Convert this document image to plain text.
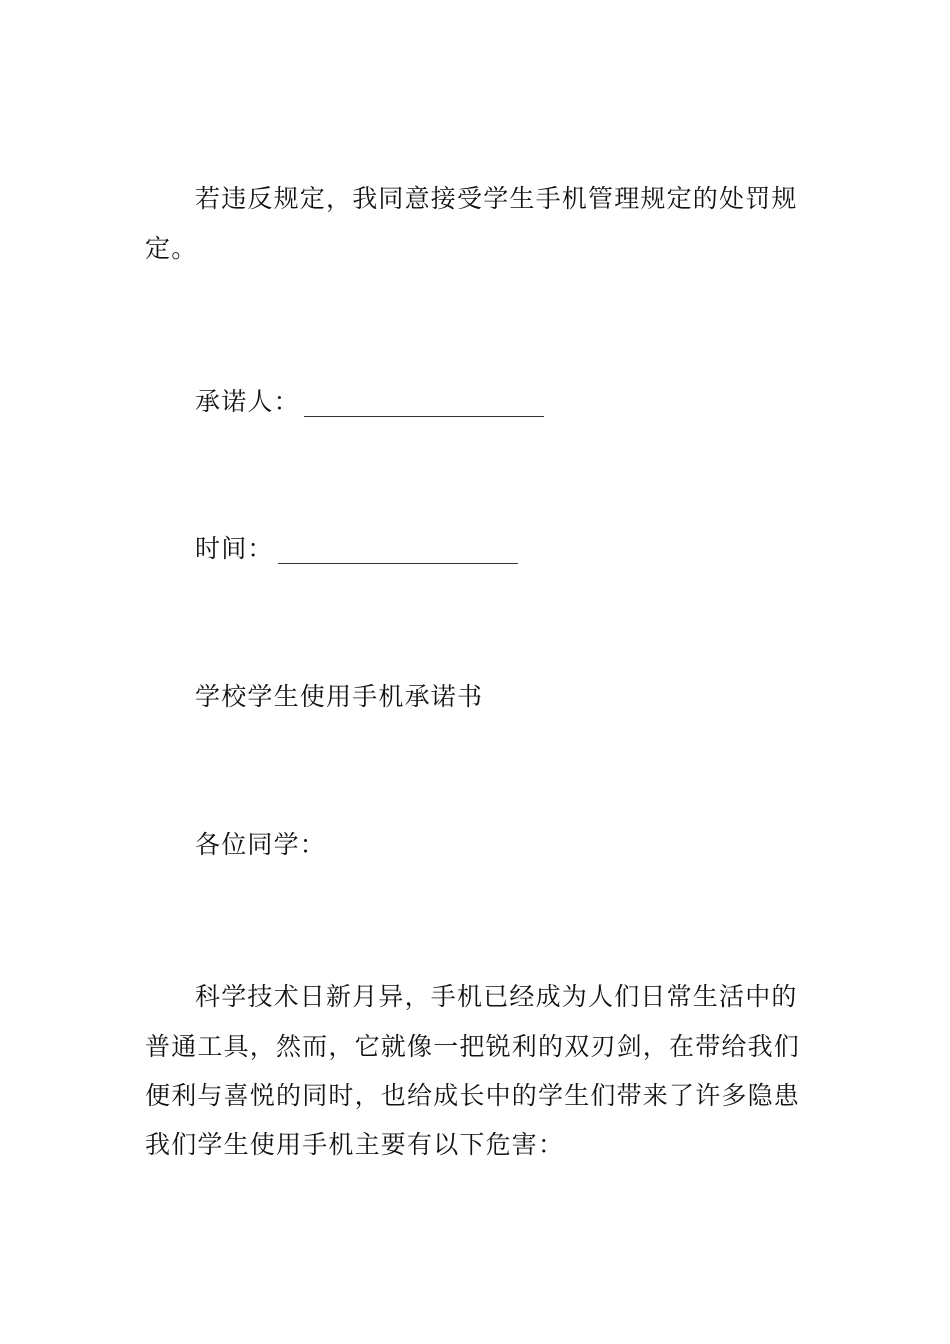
若违反规定，我同意接受学生手机管理规定的处罚规
定。
承诺人：
时间：
学校学生使用手机承诺书
各位同学：
科学技术日新月异，手机已经成为人们日常生活中的
普通工具，然而，它就像一把锐利的双刃剑，在带给我们
便利与喜悦的同时，也给成长中的学生们带来了许多隐患
我们学生使用手机主要有以下危害：
